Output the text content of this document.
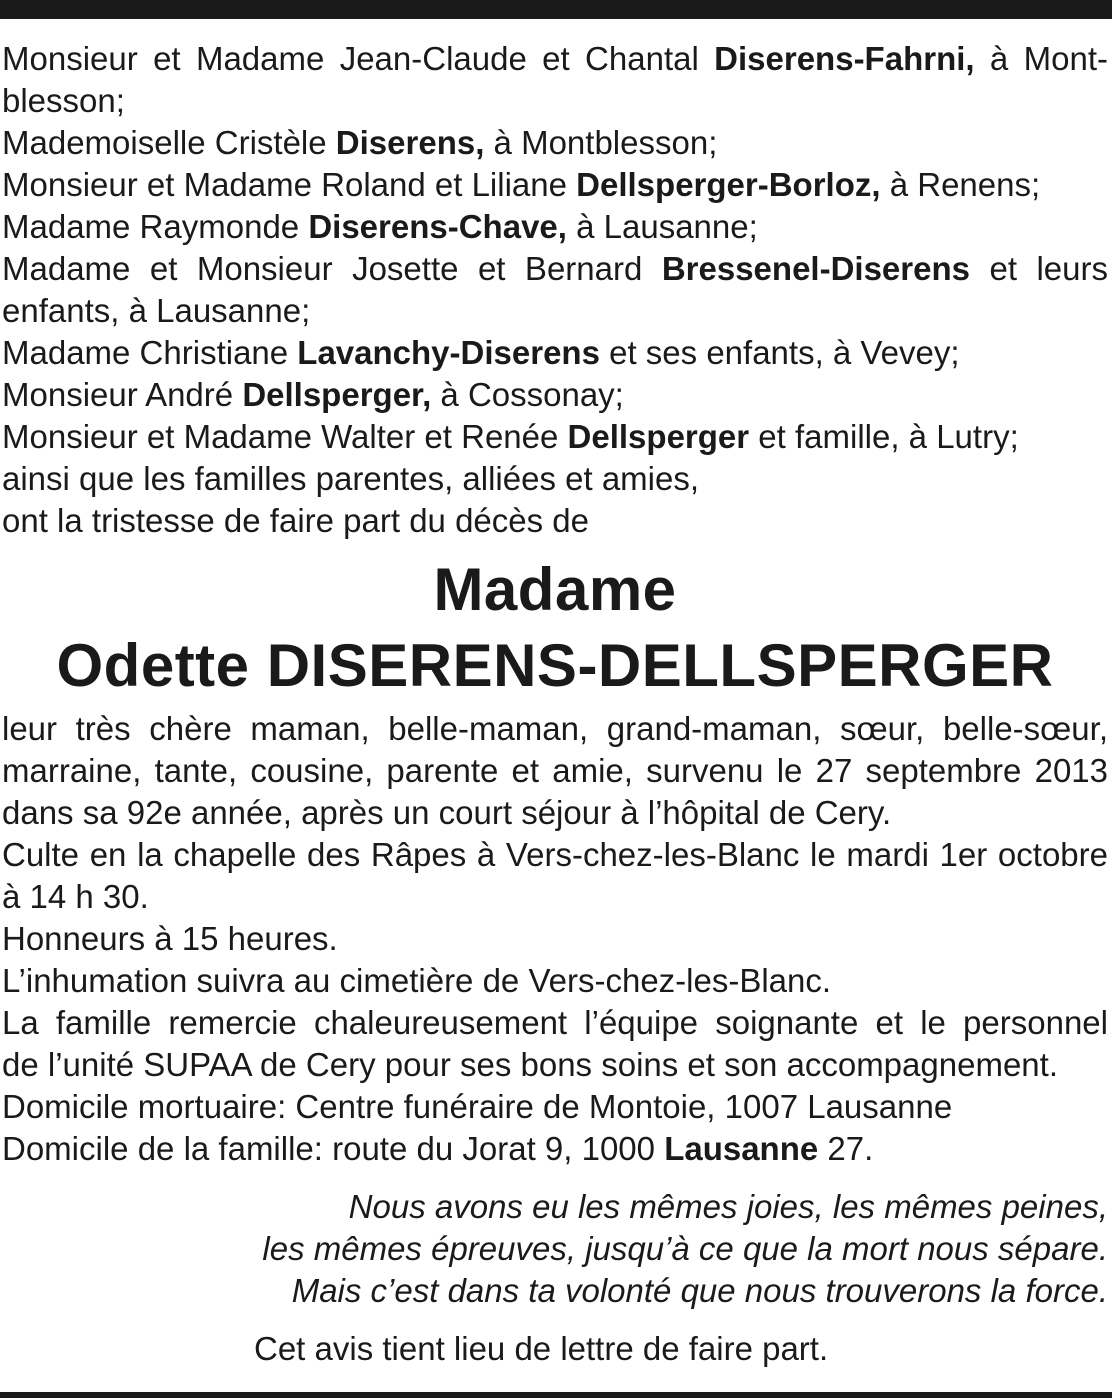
Monsieur et Madame Jean-Claude et Chantal Diserens-Fahrni, à Mont-

blesson;

Mademoiselle Cristèle Diserens, à Montblesson;

Monsieur et Madame Roland et Liliane Dellsperger-Borloz, à Renens;

Madame Raymonde Diserens-Chave, à Lausanne;

Madame et Monsieur Josette et Bernard Bressenel-Diserens et leurs

enfants, à Lausanne;

Madame Christiane Lavanchy-Diserens et ses enfants, à Vevey;

Monsieur André Dellsperger, à Cossonay;

Monsieur et Madame Walter et Renée Dellsperger et famille, à Lutry;

ainsi que les familles parentes, alliées et amies,

ont la tristesse de faire part du décès de

Madame

Odette DISERENS-DELLSPERGER

leur très chère maman, belle-maman, grand-maman, sœur, belle-sœur,

marraine, tante, cousine, parente et amie, survenu le 27 septembre 2013

dans sa 92e année, après un court séjour à l’hôpital de Cery.

Culte en la chapelle des Râpes à Vers-chez-les-Blanc le mardi 1er octobre

à 14 h 30.

Honneurs à 15 heures.

L’inhumation suivra au cimetière de Vers-chez-les-Blanc.

La famille remercie chaleureusement l’équipe soignante et le personnel

de l’unité SUPAA de Cery pour ses bons soins et son accompagnement.

Domicile mortuaire: Centre funéraire de Montoie, 1007 Lausanne

Domicile de la famille: route du Jorat 9, 1000 Lausanne 27.

Nous avons eu les mêmes joies, les mêmes peines,

les mêmes épreuves, jusqu’à ce que la mort nous sépare.

Mais c’est dans ta volonté que nous trouverons la force.

Cet avis tient lieu de lettre de faire part.
